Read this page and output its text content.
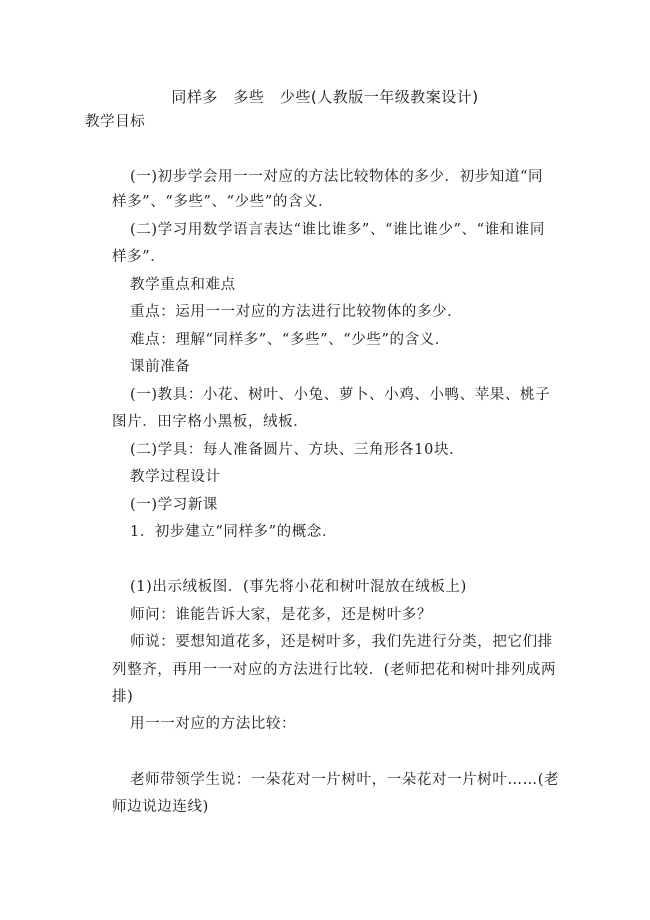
同样多　多些　少些(人教版一年级教案设计)
教学目标
(一)初步学会用一一对应的方法比较物体的多少．初步知道“同
样多”、“多些”、“少些”的含义．
(二)学习用数学语言表达“谁比谁多”、“谁比谁少”、“谁和谁同
样多”．
教学重点和难点
重点：运用一一对应的方法进行比较物体的多少．
难点：理解“同样多”、“多些”、“少些”的含义．
课前准备
(一)教具：小花、树叶、小兔、萝卜、小鸡、小鸭、苹果、桃子
图片．田字格小黑板，绒板．
(二)学具：每人准备圆片、方块、三角形各10块．
教学过程设计
(一)学习新课
1．初步建立“同样多”的概念．
(1)出示绒板图．(事先将小花和树叶混放在绒板上)
师问：谁能告诉大家，是花多，还是树叶多？
师说：要想知道花多，还是树叶多，我们先进行分类，把它们排
列整齐，再用一一对应的方法进行比较．(老师把花和树叶排列成两
排)
用一一对应的方法比较：
老师带领学生说：一朵花对一片树叶，一朵花对一片树叶……(老
师边说边连线)
